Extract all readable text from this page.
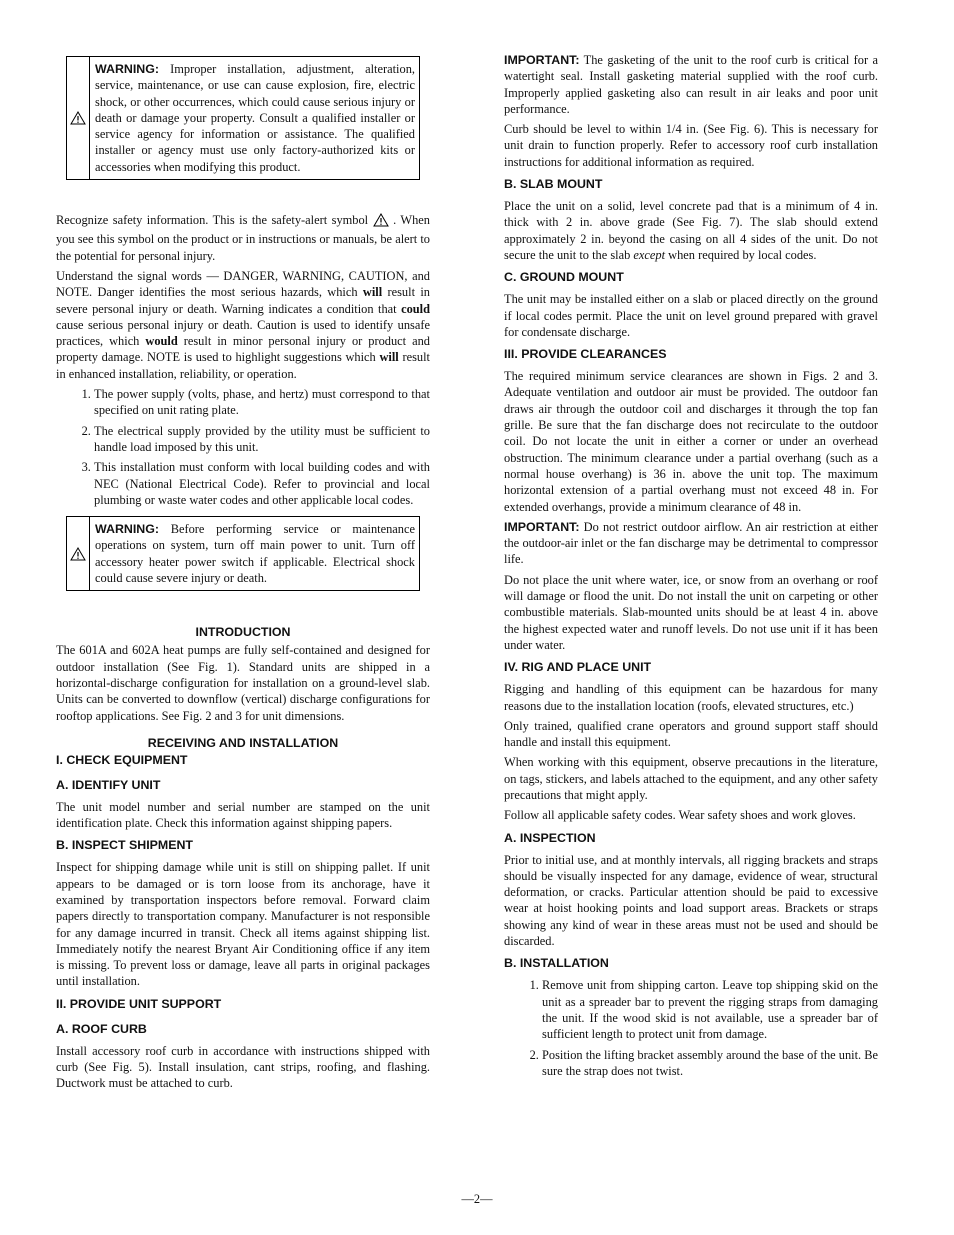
WARNING: Improper installation, adjustment, alteration, service, maintenance, or use can cause explosion, fire, electric shock, or other occurrences, which could cause serious injury or death or damage your property. Consult a qualified installer or service agency for information or assistance. The qualified installer or agency must use only factory-authorized kits or accessories when modifying this product.

Recognize safety information. This is the safety-alert symbol . When you see this symbol on the product or in instructions or manuals, be alert to the potential for personal injury.

Understand the signal words — DANGER, WARNING, CAUTION, and NOTE. Danger identifies the most serious hazards, which will result in severe personal injury or death. Warning indicates a condition that could cause serious personal injury or death. Caution is used to identify unsafe practices, which would result in minor personal injury or product and property damage. NOTE is used to highlight suggestions which will result in enhanced installation, reliability, or operation.

1. The power supply (volts, phase, and hertz) must correspond to that specified on unit rating plate.
2. The electrical supply provided by the utility must be sufficient to handle load imposed by this unit.
3. This installation must conform with local building codes and with NEC (National Electrical Code). Refer to provincial and local plumbing or waste water codes and other applicable local codes.

WARNING: Before performing service or maintenance operations on system, turn off main power to unit. Turn off accessory heater power switch if applicable. Electrical shock could cause severe injury or death.

INTRODUCTION

The 601A and 602A heat pumps are fully self-contained and designed for outdoor installation (See Fig. 1). Standard units are shipped in a horizontal-discharge configuration for installation on a ground-level slab. Units can be converted to downflow (vertical) discharge configurations for rooftop applications. See Fig. 2 and 3 for unit dimensions.

RECEIVING AND INSTALLATION
I. CHECK EQUIPMENT
A. IDENTIFY UNIT

The unit model number and serial number are stamped on the unit identification plate. Check this information against shipping papers.

B. INSPECT SHIPMENT

Inspect for shipping damage while unit is still on shipping pallet. If unit appears to be damaged or is torn loose from its anchorage, have it examined by transportation inspectors before removal. Forward claim papers directly to transportation company. Manufacturer is not responsible for any damage incurred in transit. Check all items against shipping list. Immediately notify the nearest Bryant Air Conditioning office if any item is missing. To prevent loss or damage, leave all parts in original packages until installation.

II. PROVIDE UNIT SUPPORT
A. ROOF CURB

Install accessory roof curb in accordance with instructions shipped with curb (See Fig. 5). Install insulation, cant strips, roofing, and flashing. Ductwork must be attached to curb.

IMPORTANT: The gasketing of the unit to the roof curb is critical for a watertight seal. Install gasketing material supplied with the roof curb. Improperly applied gasketing also can result in air leaks and poor unit performance.

Curb should be level to within 1/4 in. (See Fig. 6). This is necessary for unit drain to function properly. Refer to accessory roof curb installation instructions for additional information as required.

B. SLAB MOUNT

Place the unit on a solid, level concrete pad that is a minimum of 4 in. thick with 2 in. above grade (See Fig. 7). The slab should extend approximately 2 in. beyond the casing on all 4 sides of the unit. Do not secure the unit to the slab except when required by local codes.

C. GROUND MOUNT

The unit may be installed either on a slab or placed directly on the ground if local codes permit. Place the unit on level ground prepared with gravel for condensate discharge.

III. PROVIDE CLEARANCES

The required minimum service clearances are shown in Figs. 2 and 3. Adequate ventilation and outdoor air must be provided. The outdoor fan draws air through the outdoor coil and discharges it through the top fan grille. Be sure that the fan discharge does not recirculate to the outdoor coil. Do not locate the unit in either a corner or under an overhead obstruction. The minimum clearance under a partial overhang (such as a normal house overhang) is 36 in. above the unit top. The maximum horizontal extension of a partial overhang must not exceed 48 in. For extended overhangs, provide a minimum clearance of 48 in.

IMPORTANT: Do not restrict outdoor airflow. An air restriction at either the outdoor-air inlet or the fan discharge may be detrimental to compressor life.

Do not place the unit where water, ice, or snow from an overhang or roof will damage or flood the unit. Do not install the unit on carpeting or other combustible materials. Slab-mounted units should be at least 4 in. above the highest expected water and runoff levels. Do not use unit if it has been under water.

IV. RIG AND PLACE UNIT

Rigging and handling of this equipment can be hazardous for many reasons due to the installation location (roofs, elevated structures, etc.)

Only trained, qualified crane operators and ground support staff should handle and install this equipment.

When working with this equipment, observe precautions in the literature, on tags, stickers, and labels attached to the equipment, and any other safety precautions that might apply.

Follow all applicable safety codes. Wear safety shoes and work gloves.

A. INSPECTION

Prior to initial use, and at monthly intervals, all rigging brackets and straps should be visually inspected for any damage, evidence of wear, structural deformation, or cracks. Particular attention should be paid to excessive wear at hoist hooking points and load support areas. Brackets or straps showing any kind of wear in these areas must not be used and should be discarded.

B. INSTALLATION
1. Remove unit from shipping carton. Leave top shipping skid on the unit as a spreader bar to prevent the rigging straps from damaging the unit. If the wood skid is not available, use a spreader bar of sufficient length to protect unit from damage.
2. Position the lifting bracket assembly around the base of the unit. Be sure the strap does not twist.
—2—
